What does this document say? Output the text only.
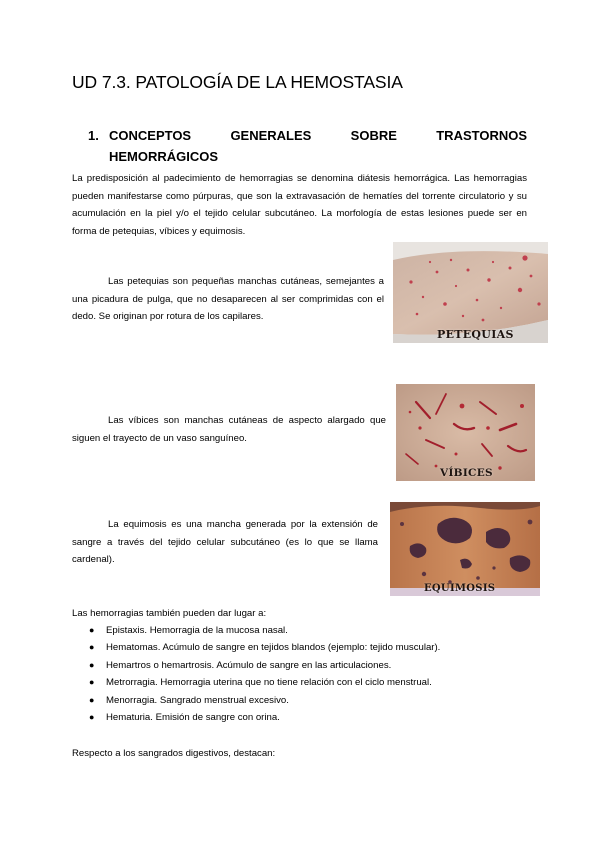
UD 7.3. PATOLOGÍA DE LA HEMOSTASIA
1. CONCEPTOS	GENERALES	SOBRE	TRASTORNOS
HEMORRÁGICOS
La predisposición al padecimiento de hemorragias se denomina diátesis hemorrágica. Las hemorragias pueden manifestarse como púrpuras, que son la extravasación de hematíes del torrente circulatorio y su acumulación en la piel y/o el tejido celular subcutáneo. La morfología de estas lesiones puede ser en forma de petequias, víbices y equimosis.
Las petequias son pequeñas manchas cutáneas, semejantes a una picadura de pulga, que no desaparecen al ser comprimidas con el dedo. Se originan por rotura de los capilares.
PETEQUIAS
Las víbices son manchas cutáneas de aspecto alargado que siguen el trayecto de un vaso sanguíneo.
VÍBICES
La equimosis es una mancha generada por la extensión de sangre a través del tejido celular subcutáneo (es lo que se llama cardenal).
EQUIMOSIS
Las hemorragias también pueden dar lugar a:
● Epistaxis. Hemorragia de la mucosa nasal.
● Hematomas. Acúmulo de sangre en tejidos blandos (ejemplo: tejido muscular).
● Hemartros o hemartrosis. Acúmulo de sangre en las articulaciones.
● Metrorragia. Hemorragia uterina que no tiene relación con el ciclo menstrual.
● Menorragia. Sangrado menstrual excesivo.
● Hematuria. Emisión de sangre con orina.
Respecto a los sangrados digestivos, destacan:
